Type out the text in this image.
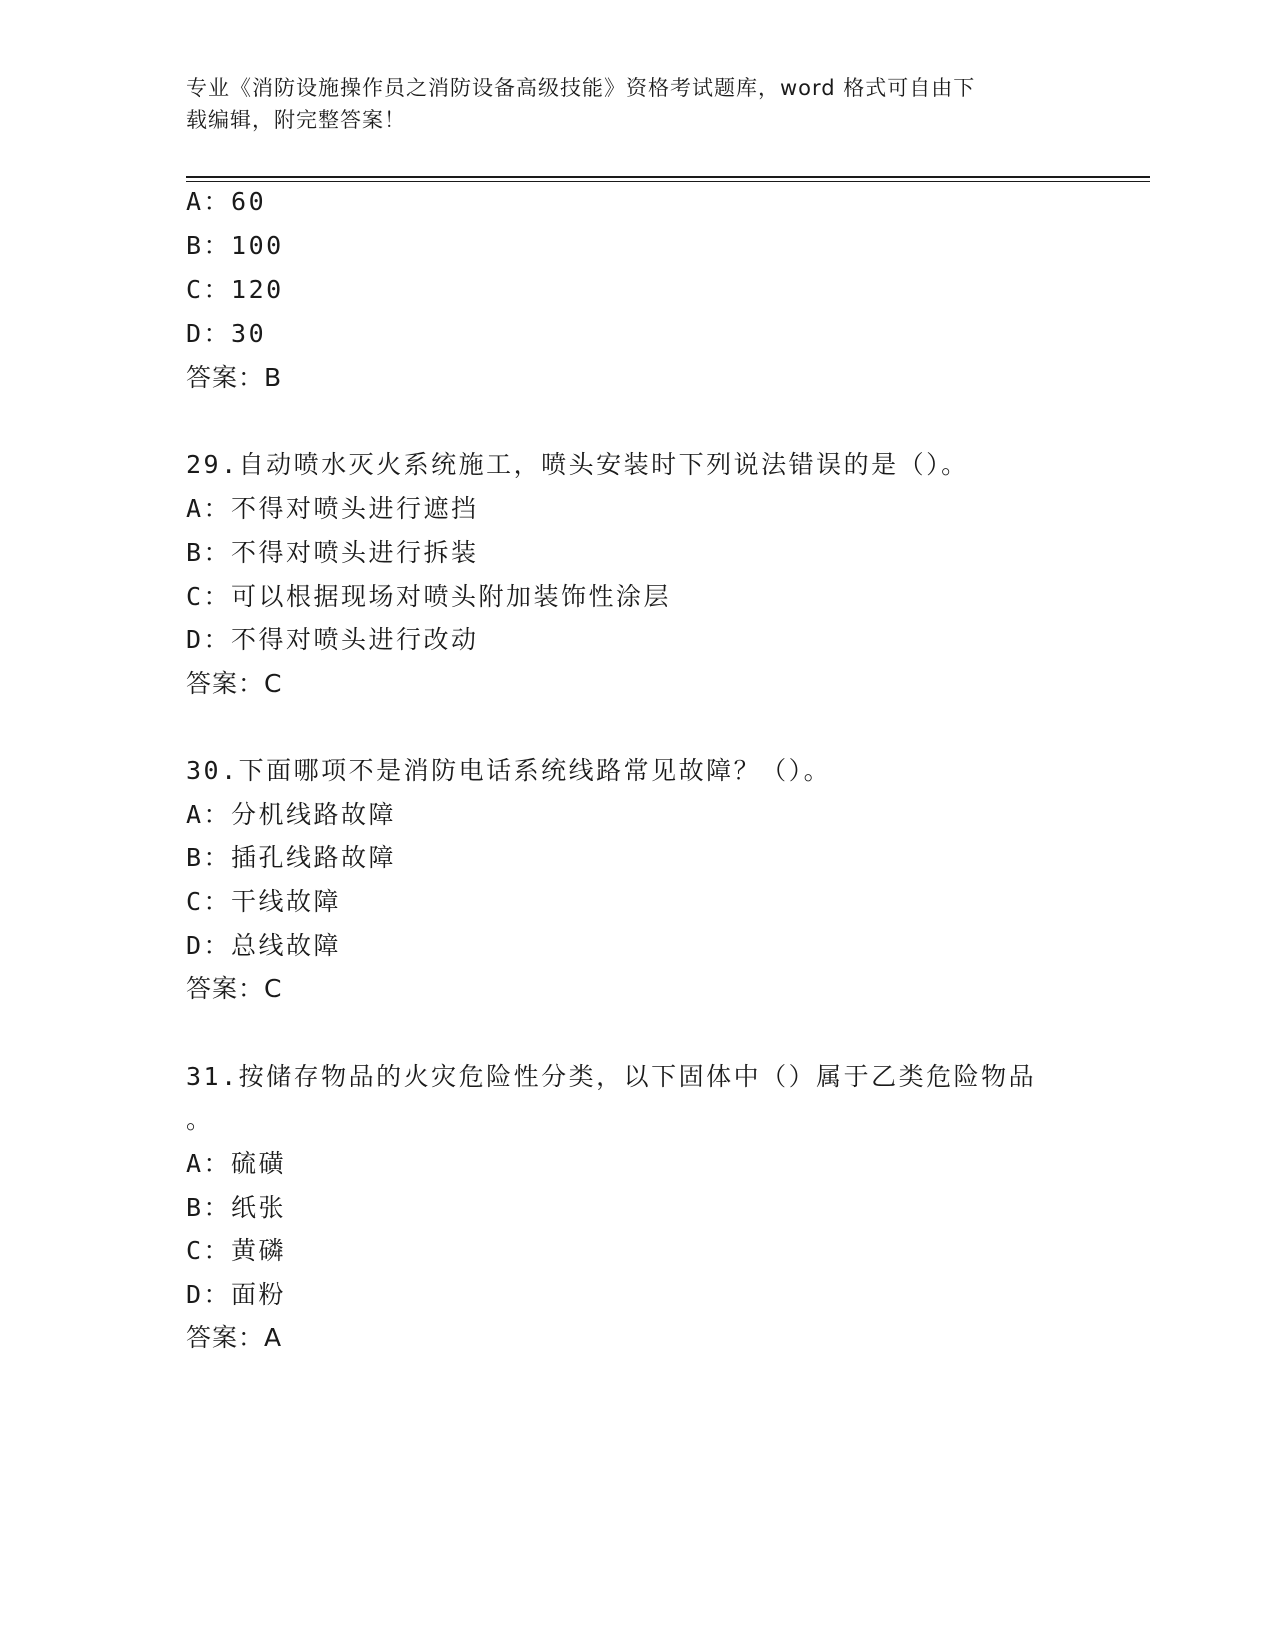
专业《消防设施操作员之消防设备高级技能》资格考试题库，word 格式可自由下
载编辑，附完整答案！
A：60
B：100
C：120
D：30
答案：B
29.自动喷水灭火系统施工，喷头安装时下列说法错误的是（）。
A：不得对喷头进行遮挡
B：不得对喷头进行拆装
C：可以根据现场对喷头附加装饰性涂层
D：不得对喷头进行改动
答案：C
30.下面哪项不是消防电话系统线路常见故障？（）。
A：分机线路故障
B：插孔线路故障
C：干线故障
D：总线故障
答案：C
31.按储存物品的火灾危险性分类，以下固体中（）属于乙类危险物品
。
A：硫磺
B：纸张
C：黄磷
D：面粉
答案：A
